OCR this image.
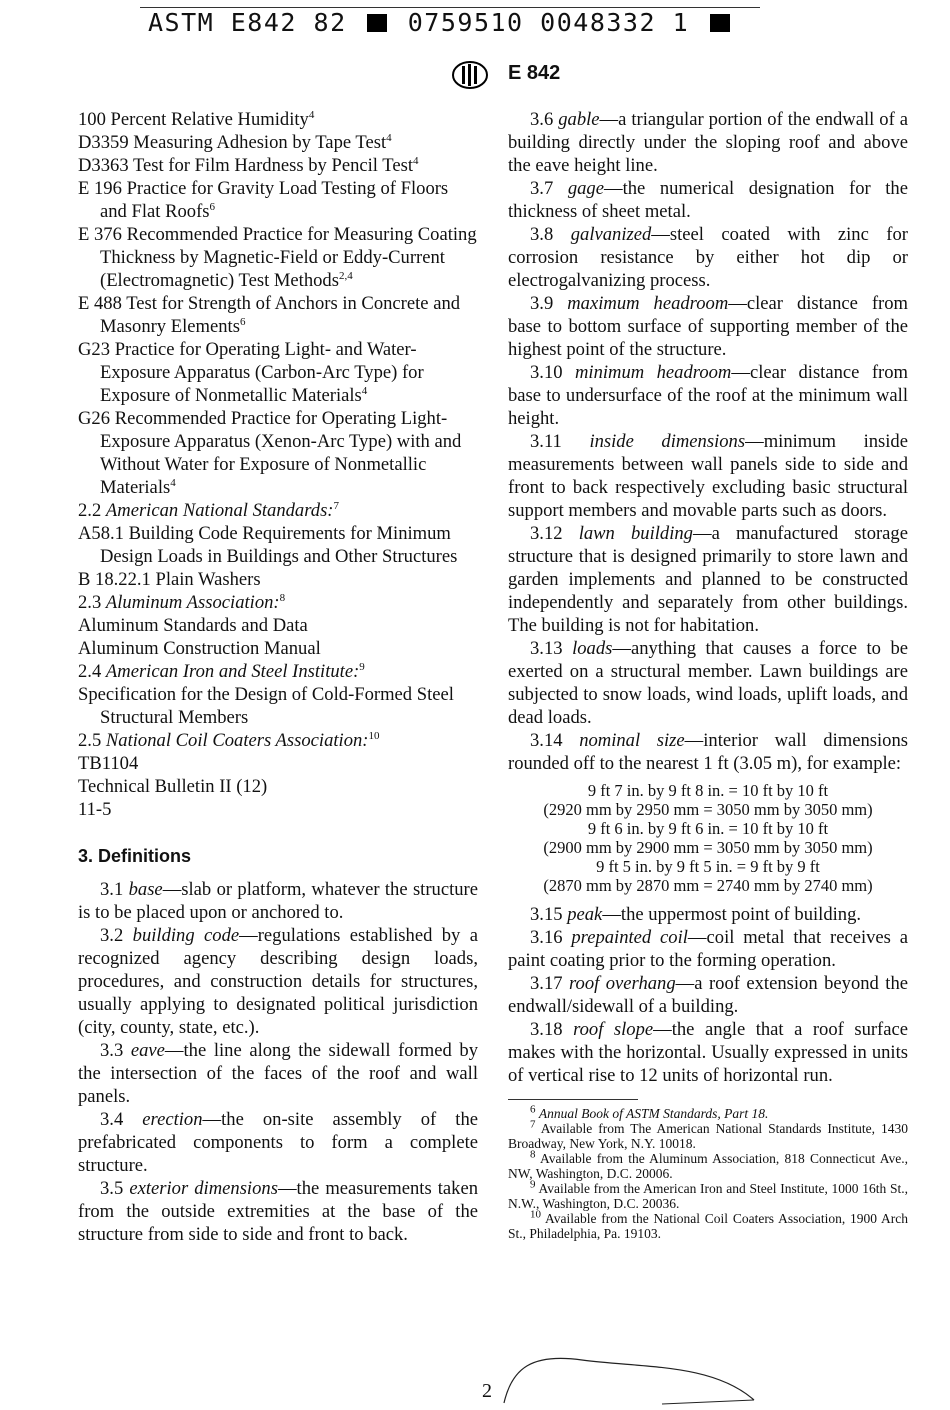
ASTM E842 82 0759510 0048332 1
E 842

100 Percent Relative Humidity$^4$

D3359 Measuring Adhesion by Tape Test$^4$

D3363 Test for Film Hardness by Pencil Test$^4$

E 196 Practice for Gravity Load Testing of Floors and Flat Roofs$^6$

E 376 Recommended Practice for Measuring Coating Thickness by Magnetic-Field or Eddy-Current (Electromagnetic) Test Methods$^{2,4}$

E 488 Test for Strength of Anchors in Concrete and Masonry Elements$^6$

G23 Practice for Operating Light- and Water-Exposure Apparatus (Carbon-Arc Type) for Exposure of Nonmetallic Materials$^4$

G26 Recommended Practice for Operating Light-Exposure Apparatus (Xenon-Arc Type) with and Without Water for Exposure of Nonmetallic Materials$^4$

2.2 American National Standards:$^7$

A58.1 Building Code Requirements for Minimum Design Loads in Buildings and Other Structures

B 18.22.1 Plain Washers

2.3 Aluminum Association:$^8$

Aluminum Standards and Data

Aluminum Construction Manual

2.4 American Iron and Steel Institute:$^9$

Specification for the Design of Cold-Formed Steel Structural Members

2.5 National Coil Coaters Association:$^{10}$

TB1104

Technical Bulletin II (12)

11-5

3. Definitions

3.1 base—slab or platform, whatever the structure is to be placed upon or anchored to.

3.2 building code—regulations established by a recognized agency describing design loads, procedures, and construction details for structures, usually applying to designated political jurisdiction (city, county, state, etc.).

3.3 eave—the line along the sidewall formed by the intersection of the faces of the roof and wall panels.

3.4 erection—the on-site assembly of the prefabricated components to form a complete structure.

3.5 exterior dimensions—the measurements taken from the outside extremities at the base of the structure from side to side and front to back.

3.6 gable—a triangular portion of the endwall of a building directly under the sloping roof and above the eave height line.

3.7 gage—the numerical designation for the thickness of sheet metal.

3.8 galvanized—steel coated with zinc for corrosion resistance by either hot dip or electrogalvanizing process.

3.9 maximum headroom—clear distance from base to bottom surface of supporting member of the highest point of the structure.

3.10 minimum headroom—clear distance from base to undersurface of the roof at the minimum wall height.

3.11 inside dimensions—minimum inside measurements between wall panels side to side and front to back respectively excluding basic structural support members and movable parts such as doors.

3.12 lawn building—a manufactured storage structure that is designed primarily to store lawn and garden implements and planned to be constructed independently and separately from other buildings. The building is not for habitation.

3.13 loads—anything that causes a force to be exerted on a structural member. Lawn buildings are subjected to snow loads, wind loads, uplift loads, and dead loads.

3.14 nominal size—interior wall dimensions rounded off to the nearest 1 ft (3.05 m), for example:

9 ft 7 in. by 9 ft 8 in. = 10 ft by 10 ft
(2920 mm by 2950 mm = 3050 mm by 3050 mm)
9 ft 6 in. by 9 ft 6 in. = 10 ft by 10 ft
(2900 mm by 2900 mm = 3050 mm by 3050 mm)
9 ft 5 in. by 9 ft 5 in. = 9 ft by 9 ft
(2870 mm by 2870 mm = 2740 mm by 2740 mm)

3.15 peak—the uppermost point of building.

3.16 prepainted coil—coil metal that receives a paint coating prior to the forming operation.

3.17 roof overhang—a roof extension beyond the endwall/sidewall of a building.

3.18 roof slope—the angle that a roof surface makes with the horizontal. Usually expressed in units of vertical rise to 12 units of horizontal run.

$^6$ Annual Book of ASTM Standards, Part 18.

$^7$ Available from The American National Standards Institute, 1430 Broadway, New York, N.Y. 10018.

$^8$ Available from the Aluminum Association, 818 Connecticut Ave., NW, Washington, D.C. 20006.

$^9$ Available from the American Iron and Steel Institute, 1000 16th St., N.W., Washington, D.C. 20036.

$^{10}$ Available from the National Coil Coaters Association, 1900 Arch St., Philadelphia, Pa. 19103.

2
